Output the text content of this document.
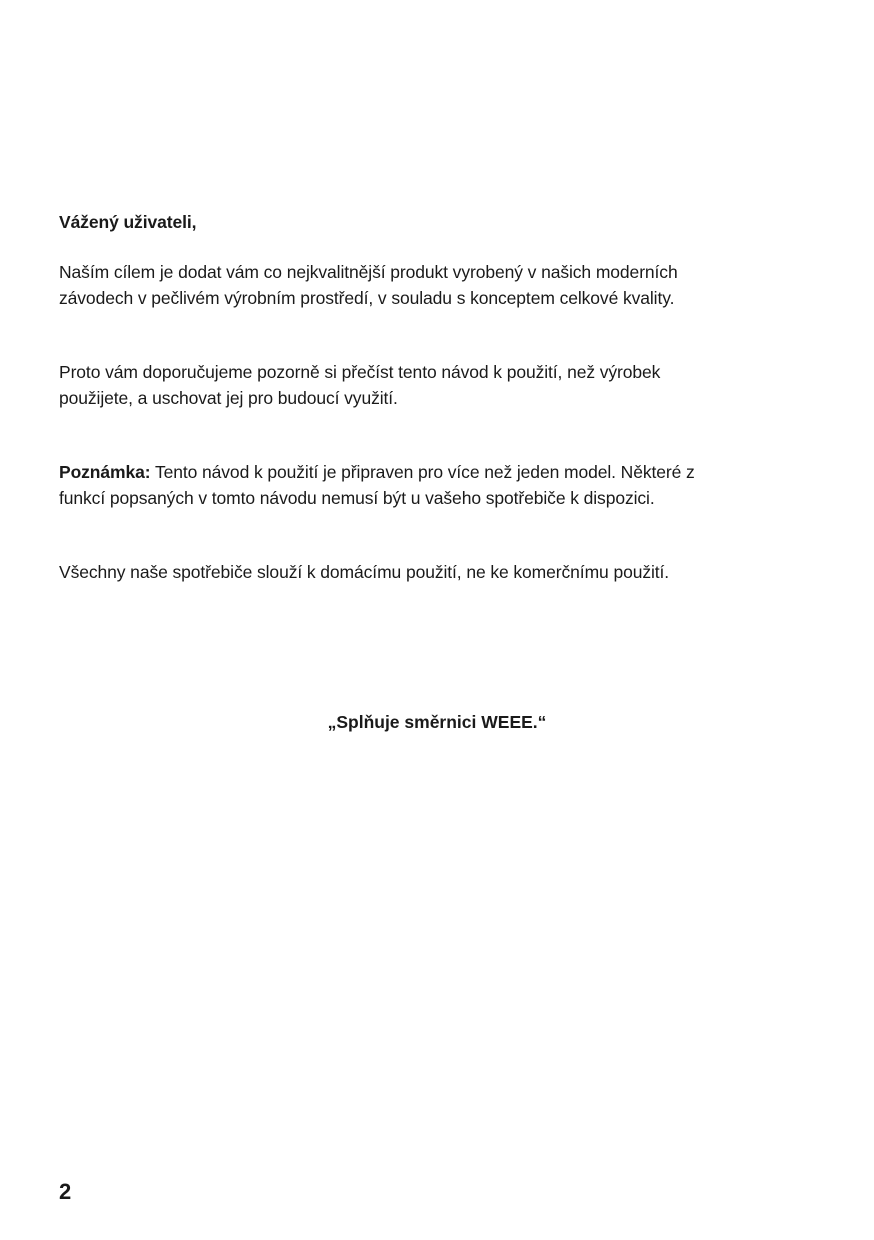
Vážený uživateli,

Naším cílem je dodat vám co nejkvalitnější produkt vyrobený v našich moderních
závodech v pečlivém výrobním prostředí, v souladu s konceptem celkové kvality.

Proto vám doporučujeme pozorně si přečíst tento návod k použití, než výrobek
použijete, a uschovat jej pro budoucí využití.

Poznámka: Tento návod k použití je připraven pro více než jeden model. Některé z
funkcí popsaných v tomto návodu nemusí být u vašeho spotřebiče k dispozici.

Všechny naše spotřebiče slouží k domácímu použití, ne ke komerčnímu použití.

„Splňuje směrnici WEEE.“

2
